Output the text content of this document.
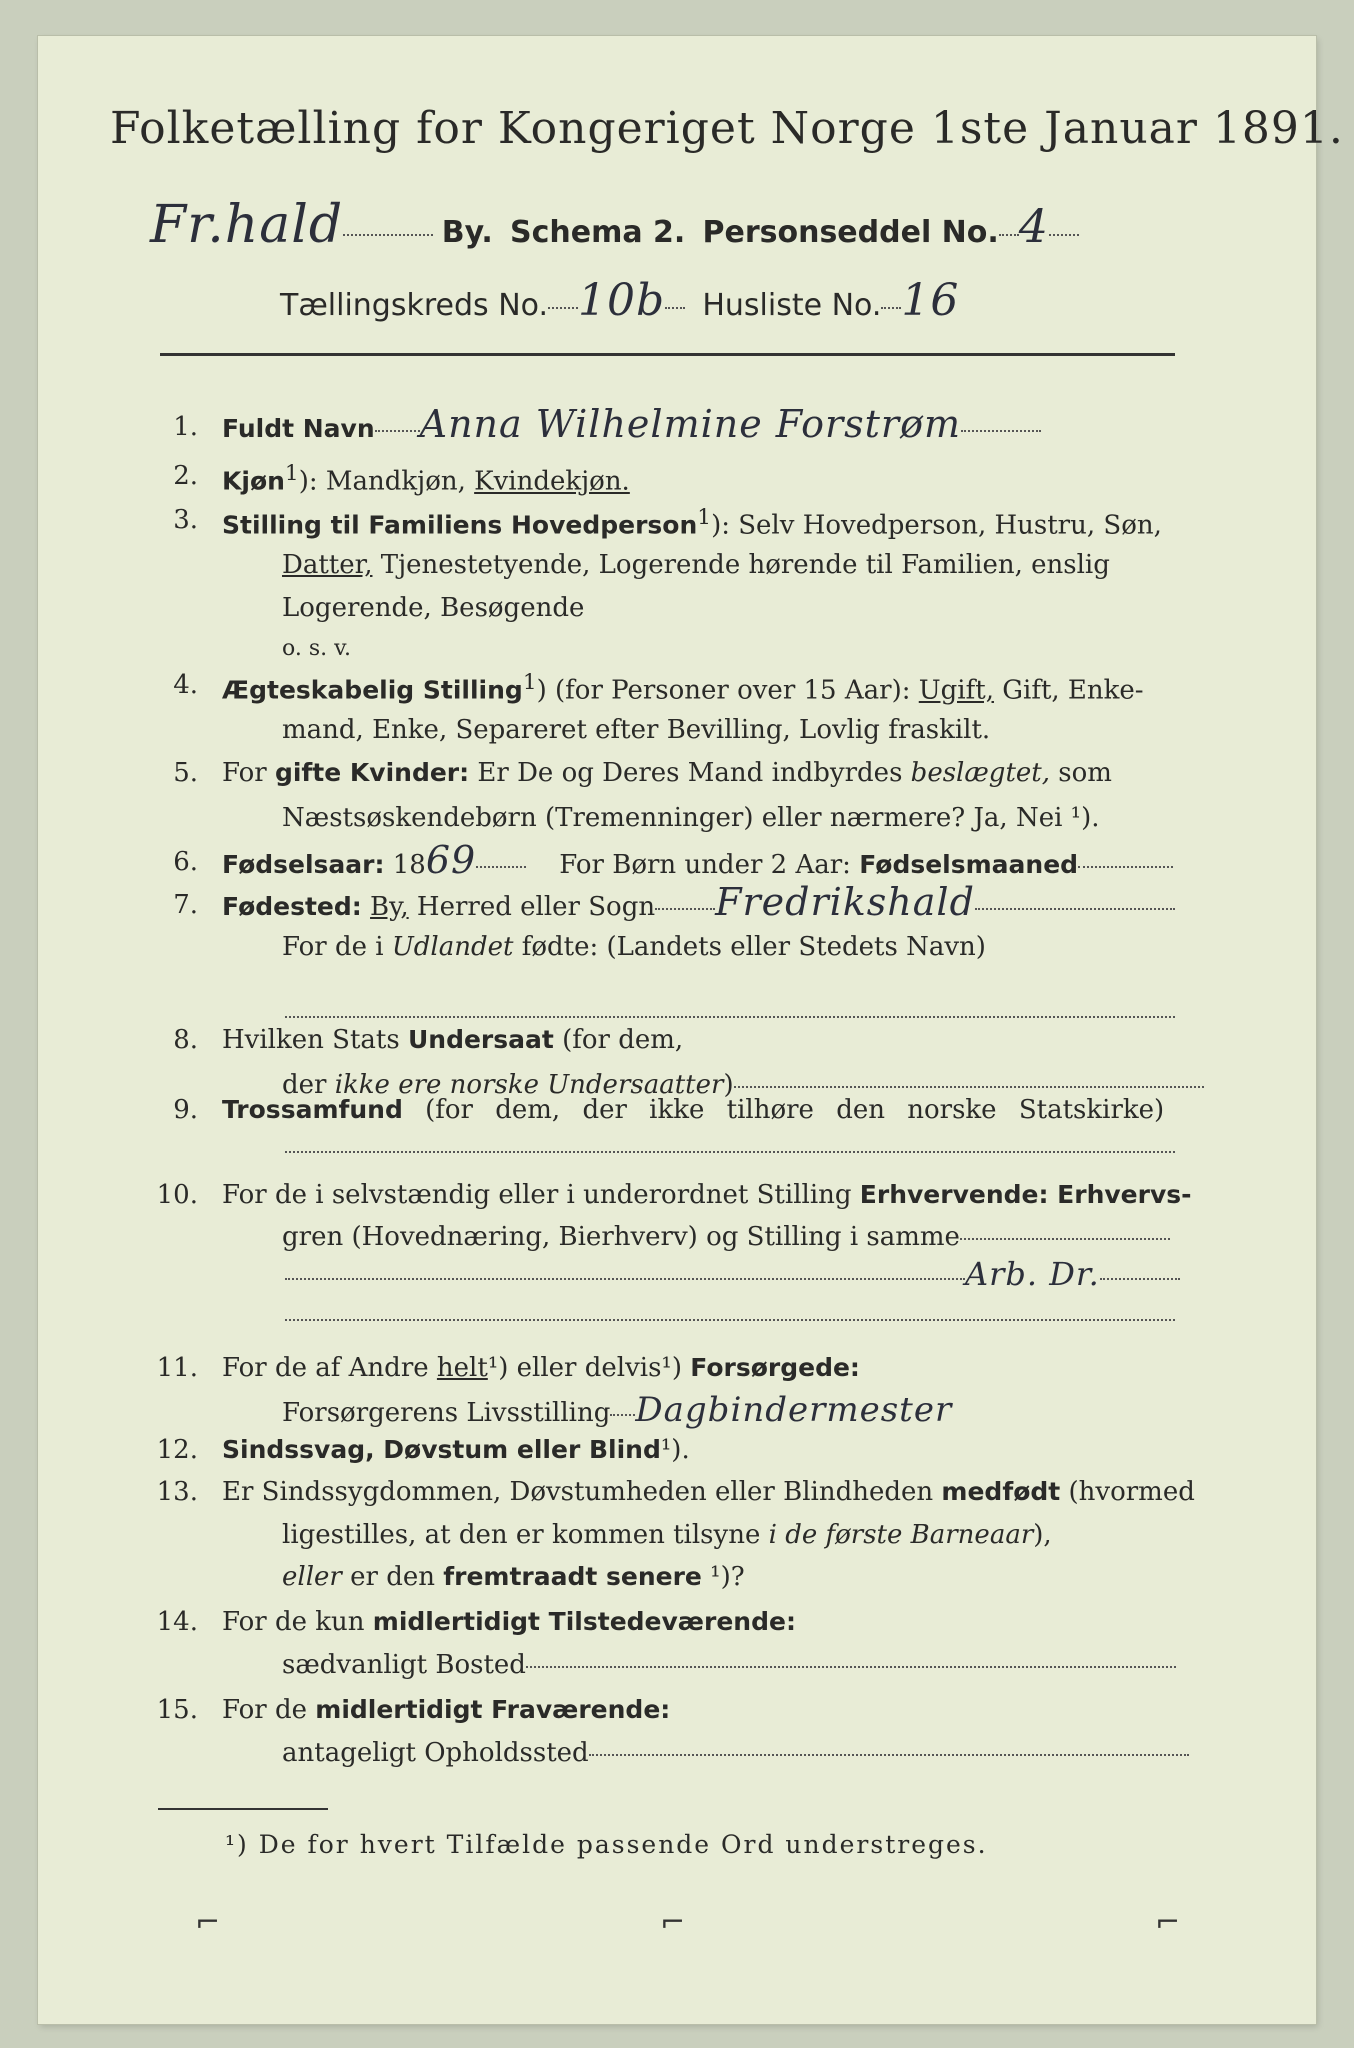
Folketælling for Kongeriget Norge 1ste Januar 1891.
Fr.hald	By. Schema 2. Personseddel No. 4
Tællingskreds No. 10b Husliste No. 16
1. Fuldt Navn Anna Wilhelmine Forstrøm
2. Kjøn$^1$): Mandkjøn, Kvindekjøn.
3. Stilling til Familiens Hovedperson$^1$): Selv Hovedperson, Hustru, Søn,
Datter, Tjenestetyende, Logerende hørende til Familien, enslig
Logerende, Besøgende
o. s. v.
4. Ægteskabelig Stilling$^1$) (for Personer over 15 Aar): Ugift, Gift, Enke-
mand, Enke, Separeret efter Bevilling, Lovlig fraskilt.
5. For gifte Kvinder: Er De og Deres Mand indbyrdes beslægtet, som
Næstsøskendebørn (Tremenninger) eller nærmere? Ja, Nei ¹).
6. Fødselsaar: 1869	For Børn under 2 Aar: Fødselsmaaned
7. Fødested: By, Herred eller Sogn Fredrikshald
For de i Udlandet fødte: (Landets eller Stedets Navn)
8. Hvilken Stats Undersaat (for dem,
der ikke ere norske Undersaatter)
9. Trossamfund (for dem, der ikke tilhøre den norske Statskirke)
10. For de i selvstændig eller i underordnet Stilling Erhvervende: Erhvervs-
gren (Hovednæring, Bierhverv) og Stilling i samme
Arb. Dr.
11. For de af Andre helt¹) eller delvis¹) Forsørgede:
Forsørgerens Livsstilling Dagbindermester
12. Sindssvag, Døvstum eller Blind¹).
13. Er Sindssygdommen, Døvstumheden eller Blindheden medfødt (hvormed
ligestilles, at den er kommen tilsyne i de første Barneaar),
eller er den fremtraadt senere ¹)?
14. For de kun midlertidigt Tilstedeværende:
sædvanligt Bosted
15. For de midlertidigt Fraværende:
antageligt Opholdssted
¹) De for hvert Tilfælde passende Ord understreges.
⌐	⌐	⌐
